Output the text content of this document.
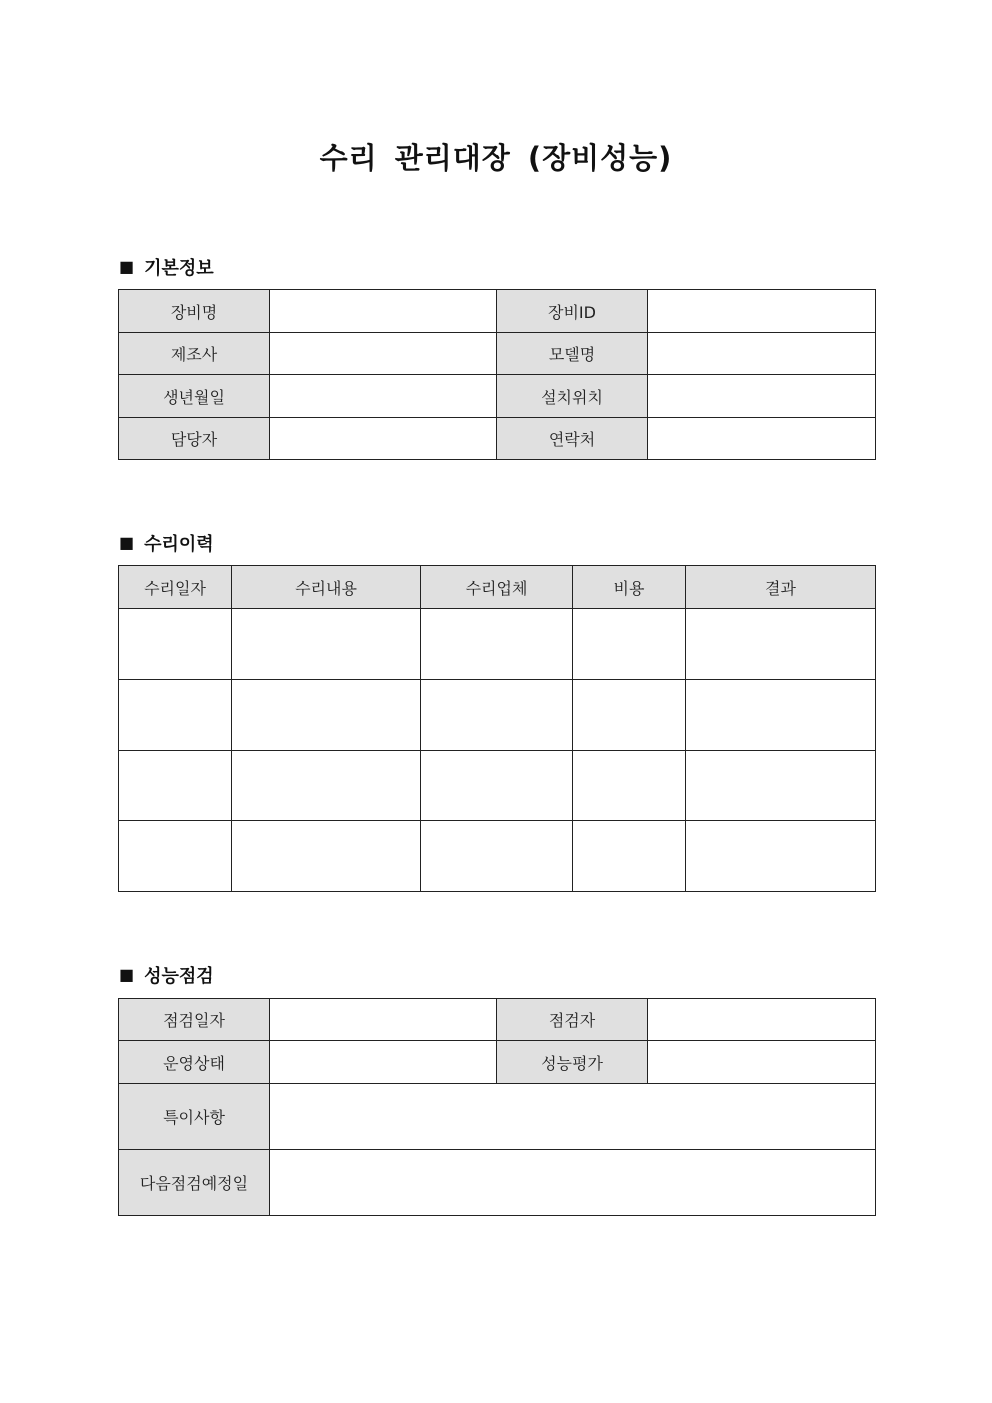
수리 관리대장 (장비성능)
■ 기본정보
장비명		장비ID	
제조사		모델명	
생년월일		설치위치	
담당자		연락처	
■ 수리이력
수리일자	수리내용	수리업체	비용	결과

■ 성능점검
점검일자		점검자	
운영상태		성능평가	
특이사항			
다음점검예정일			
